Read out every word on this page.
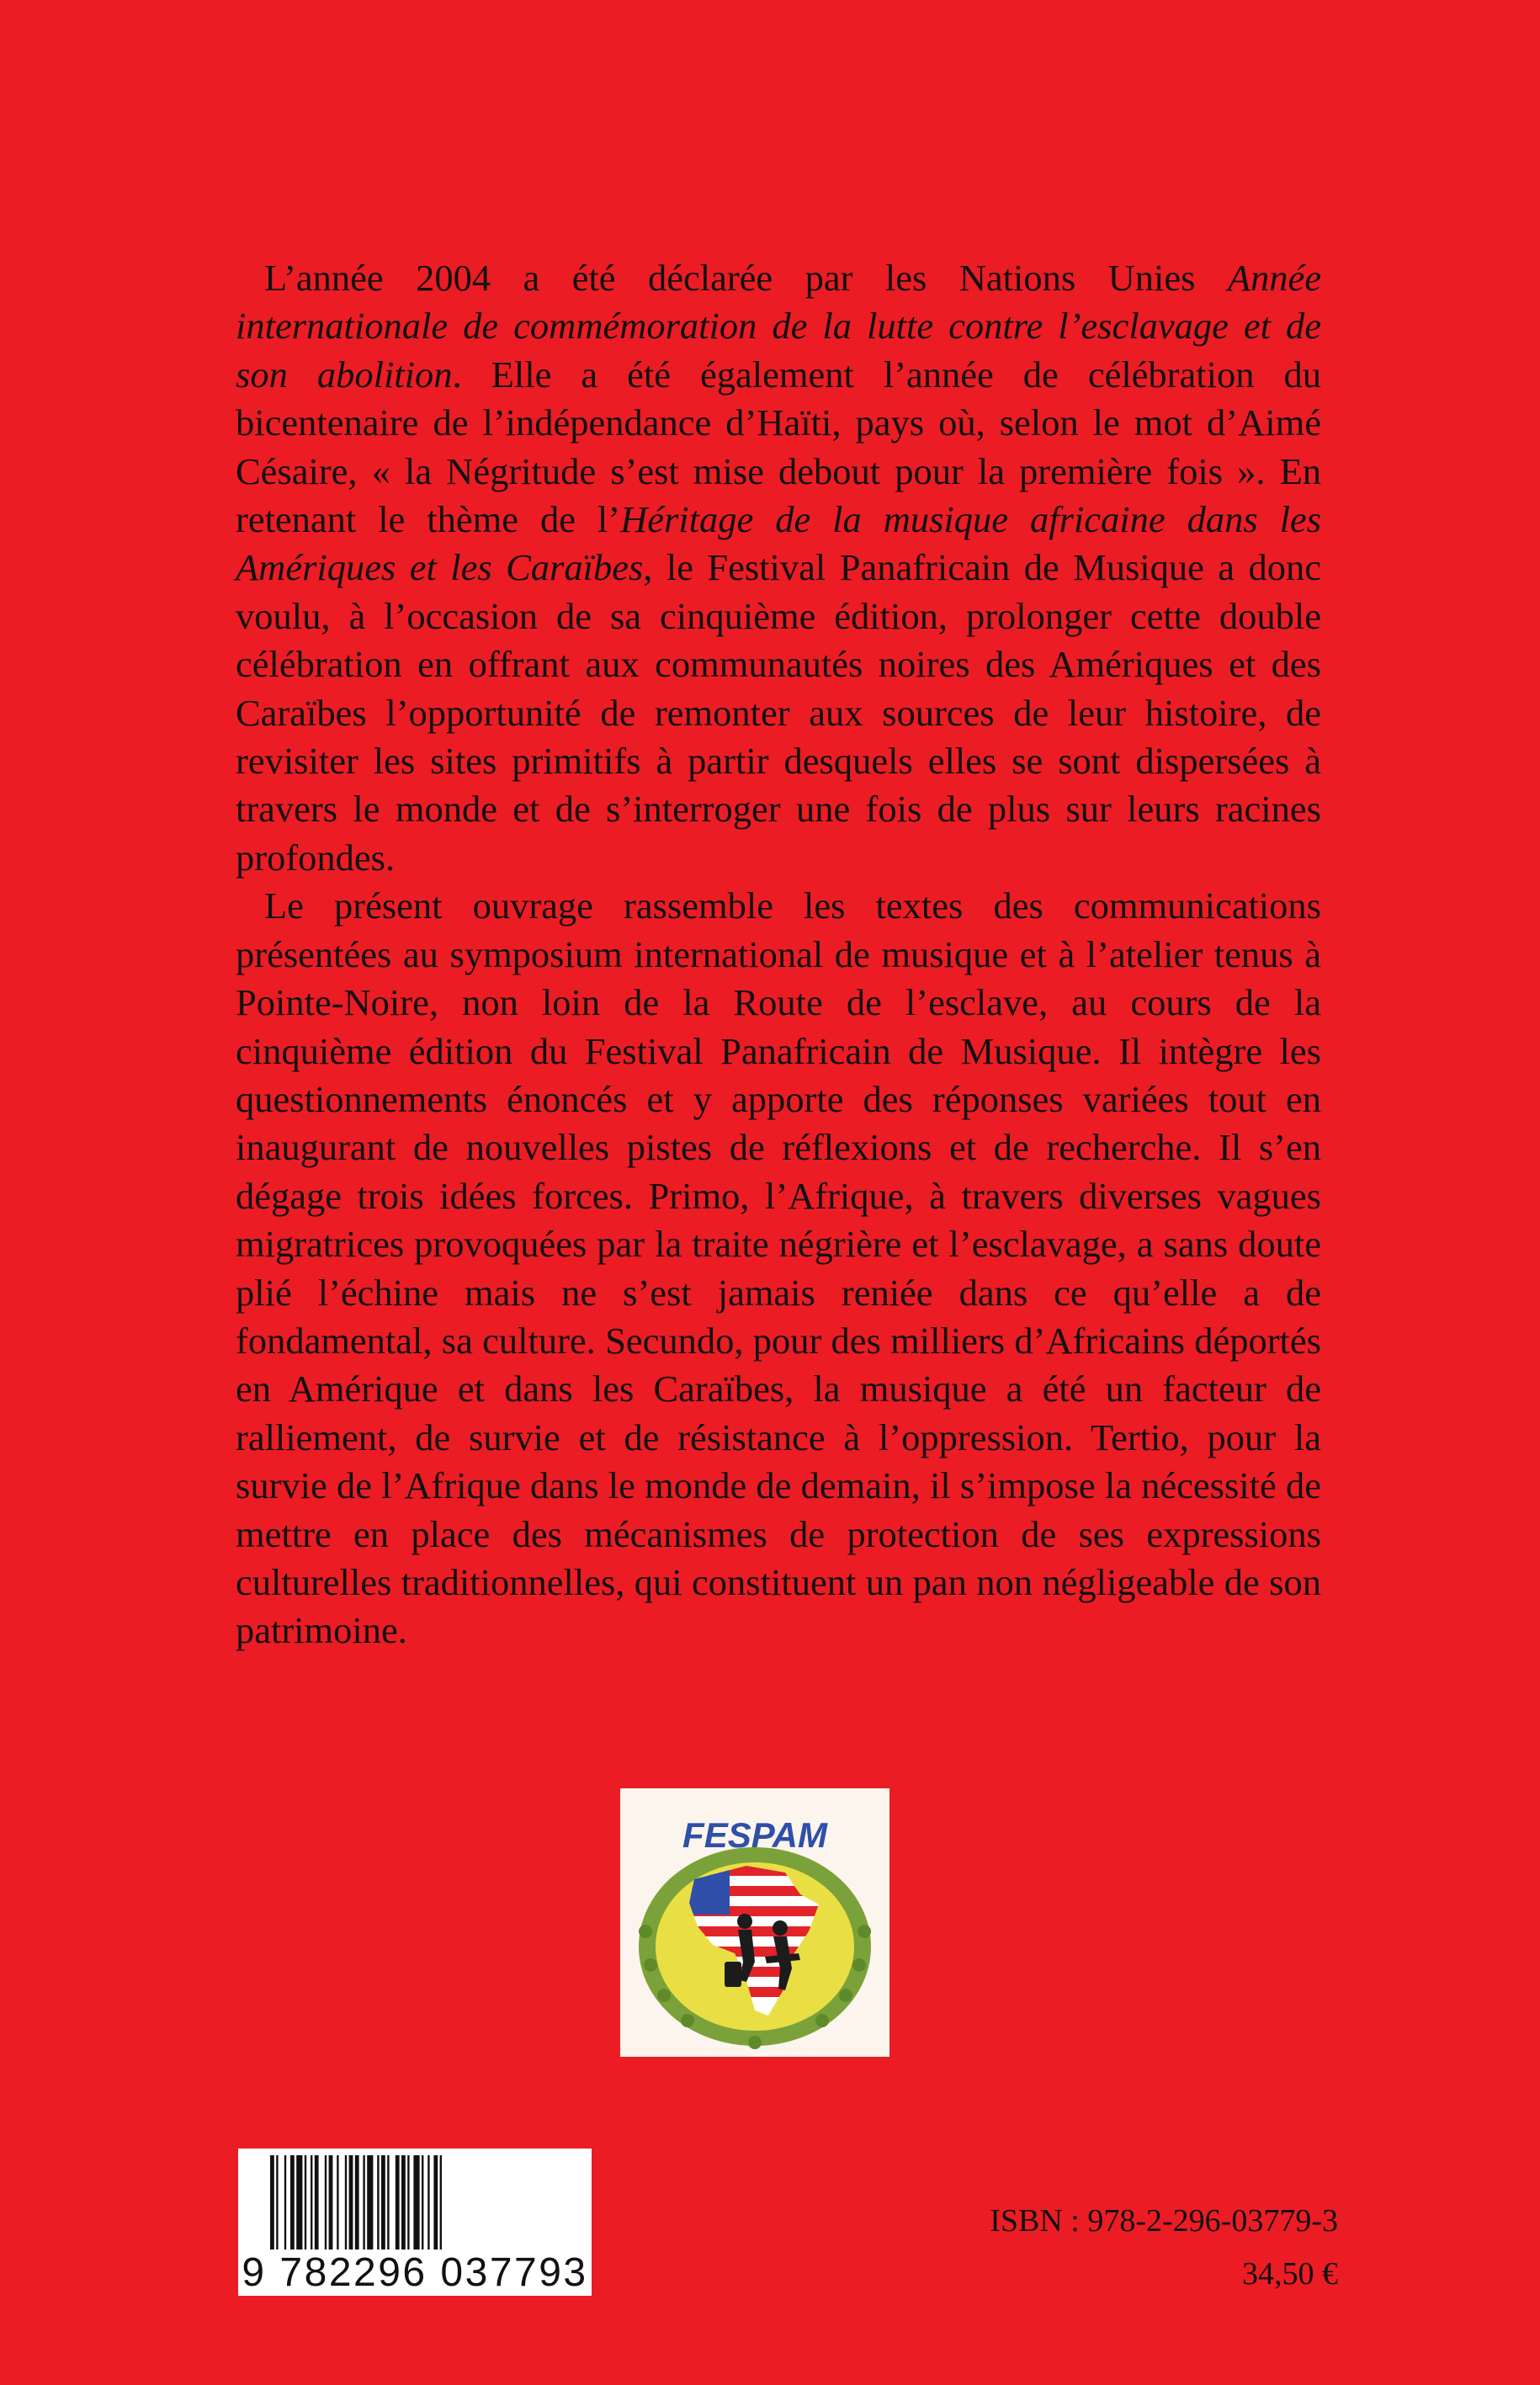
L’année 2004 a été déclarée par les Nations Unies Année internationale de commémoration de la lutte contre l’esclavage et de son abolition. Elle a été également l’année de célébration du bicentenaire de l’indépendance d’Haïti, pays où, selon le mot d’Aimé Césaire, « la Négritude s’est mise debout pour la première fois ». En retenant le thème de l’Héritage de la musique africaine dans les Amériques et les Caraïbes, le Festival Panafricain de Musique a donc voulu, à l’occasion de sa cinquième édition, prolonger cette double célébration en offrant aux communautés noires des Amériques et des Caraïbes l’opportunité de remonter aux sources de leur histoire, de revisiter les sites primitifs à partir desquels elles se sont dispersées à travers le monde et de s’interroger une fois de plus sur leurs racines profondes.

Le présent ouvrage rassemble les textes des communications présentées au symposium international de musique et à l’atelier tenus à Pointe-Noire, non loin de la Route de l’esclave, au cours de la cinquième édition du Festival Panafricain de Musique. Il intègre les questionnements énoncés et y apporte des réponses variées tout en inaugurant de nouvelles pistes de réflexions et de recherche. Il s’en dégage trois idées forces. Primo, l’Afrique, à travers diverses vagues migratrices provoquées par la traite négrière et l’esclavage, a sans doute plié l’échine mais ne s’est jamais reniée dans ce qu’elle a de fondamental, sa culture. Secundo, pour des milliers d’Africains déportés en Amérique et dans les Caraïbes, la musique a été un facteur de ralliement, de survie et de résistance à l’oppression. Tertio, pour la survie de l’Afrique dans le monde de demain, il s’impose la nécessité de mettre en place des mécanismes de protection de ses expressions culturelles traditionnelles, qui constituent un pan non négligeable de son patrimoine.

FESPAM
9 782296 037793
ISBN : 978-2-296-03779-3
34,50 €
